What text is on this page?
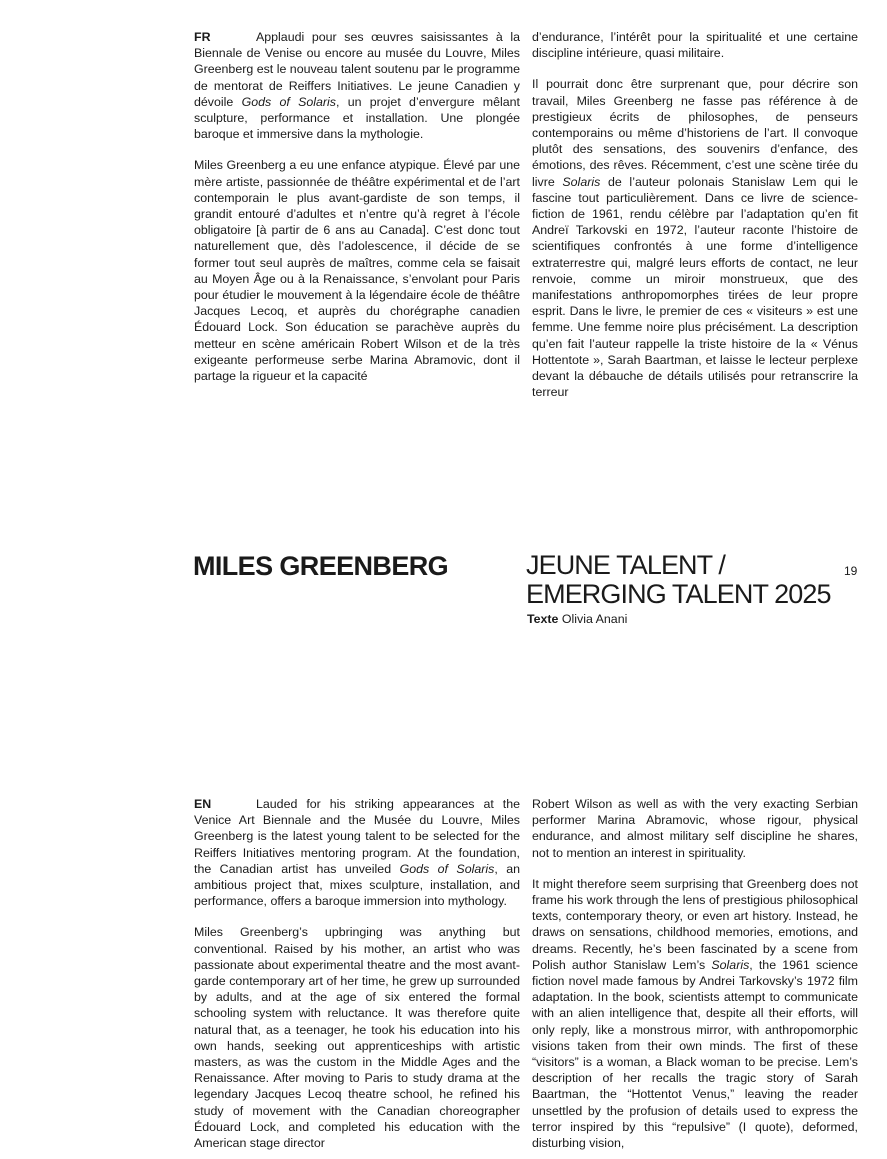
FR	Applaudi pour ses œuvres saisissantes à la Biennale de Venise ou encore au musée du Louvre, Miles Greenberg est le nouveau talent soutenu par le programme de mentorat de Reiffers Initiatives. Le jeune Canadien y dévoile Gods of Solaris, un projet d’envergure mêlant sculpture, performance et installation. Une plongée baroque et immersive dans la mythologie.

Miles Greenberg a eu une enfance atypique. Élevé par une mère artiste, passionnée de théâtre expérimental et de l’art contemporain le plus avant-gardiste de son temps, il grandit entouré d’adultes et n’entre qu’à regret à l’école obligatoire [à partir de 6 ans au Canada]. C’est donc tout naturellement que, dès l’adolescence, il décide de se former tout seul auprès de maîtres, comme cela se faisait au Moyen Âge ou à la Renaissance, s’envolant pour Paris pour étudier le mouvement à la légendaire école de théâtre Jacques Lecoq, et auprès du chorégraphe canadien Édouard Lock. Son éducation se parachève auprès du metteur en scène américain Robert Wilson et de la très exigeante performeuse serbe Marina Abramovic, dont il partage la rigueur et la capacité

d’endurance, l’intérêt pour la spiritualité et une certaine discipline intérieure, quasi militaire.

Il pourrait donc être surprenant que, pour décrire son travail, Miles Greenberg ne fasse pas référence à de prestigieux écrits de philosophes, de penseurs contemporains ou même d’historiens de l’art. Il convoque plutôt des sensations, des souvenirs d’enfance, des émotions, des rêves. Récemment, c’est une scène tirée du livre Solaris de l’auteur polonais Stanislaw Lem qui le fascine tout particulièrement. Dans ce livre de science-fiction de 1961, rendu célèbre par l’adaptation qu’en fit Andreï Tarkovski en 1972, l’auteur raconte l’histoire de scientifiques confrontés à une forme d’intelligence extraterrestre qui, malgré leurs efforts de contact, ne leur renvoie, comme un miroir monstrueux, que des manifestations anthropomorphes tirées de leur propre esprit. Dans le livre, le premier de ces « visiteurs » est une femme. Une femme noire plus précisément. La description qu’en fait l’auteur rappelle la triste histoire de la « Vénus Hottentote », Sarah Baartman, et laisse le lecteur perplexe devant la débauche de détails utilisés pour retranscrire la terreur

MILES GREENBERG	JEUNE TALENT /
EMERGING TALENT 2025
19
Texte Olivia Anani

EN	Lauded for his striking appearances at the Venice Art Biennale and the Musée du Louvre, Miles Greenberg is the latest young talent to be selected for the Reiffers Initiatives mentoring program. At the foundation, the Canadian artist has unveiled Gods of Solaris, an ambitious project that, mixes sculpture, installation, and performance, offers a baroque immersion into mythology.

Miles Greenberg’s upbringing was anything but conventional. Raised by his mother, an artist who was passionate about experimental theatre and the most avant-garde contemporary art of her time, he grew up surrounded by adults, and at the age of six entered the formal schooling system with reluctance. It was therefore quite natural that, as a teenager, he took his education into his own hands, seeking out apprenticeships with artistic masters, as was the custom in the Middle Ages and the Renaissance. After moving to Paris to study drama at the legendary Jacques Lecoq theatre school, he refined his study of movement with the Canadian choreographer Édouard Lock, and completed his education with the American stage director

Robert Wilson as well as with the very exacting Serbian performer Marina Abramovic, whose rigour, physical endurance, and almost military self discipline he shares, not to mention an interest in spirituality.

It might therefore seem surprising that Greenberg does not frame his work through the lens of prestigious philosophical texts, contemporary theory, or even art history. Instead, he draws on sensations, childhood memories, emotions, and dreams. Recently, he’s been fascinated by a scene from Polish author Stanislaw Lem’s Solaris, the 1961 science fiction novel made famous by Andrei Tarkovsky’s 1972 film adaptation. In the book, scientists attempt to communicate with an alien intelligence that, despite all their efforts, will only reply, like a monstrous mirror, with anthropomorphic visions taken from their own minds. The first of these “visitors” is a woman, a Black woman to be precise. Lem’s description of her recalls the tragic story of Sarah Baartman, the “Hottentot Venus,” leaving the reader unsettled by the profusion of details used to express the terror inspired by this “repulsive” (I quote), deformed, disturbing vision,
